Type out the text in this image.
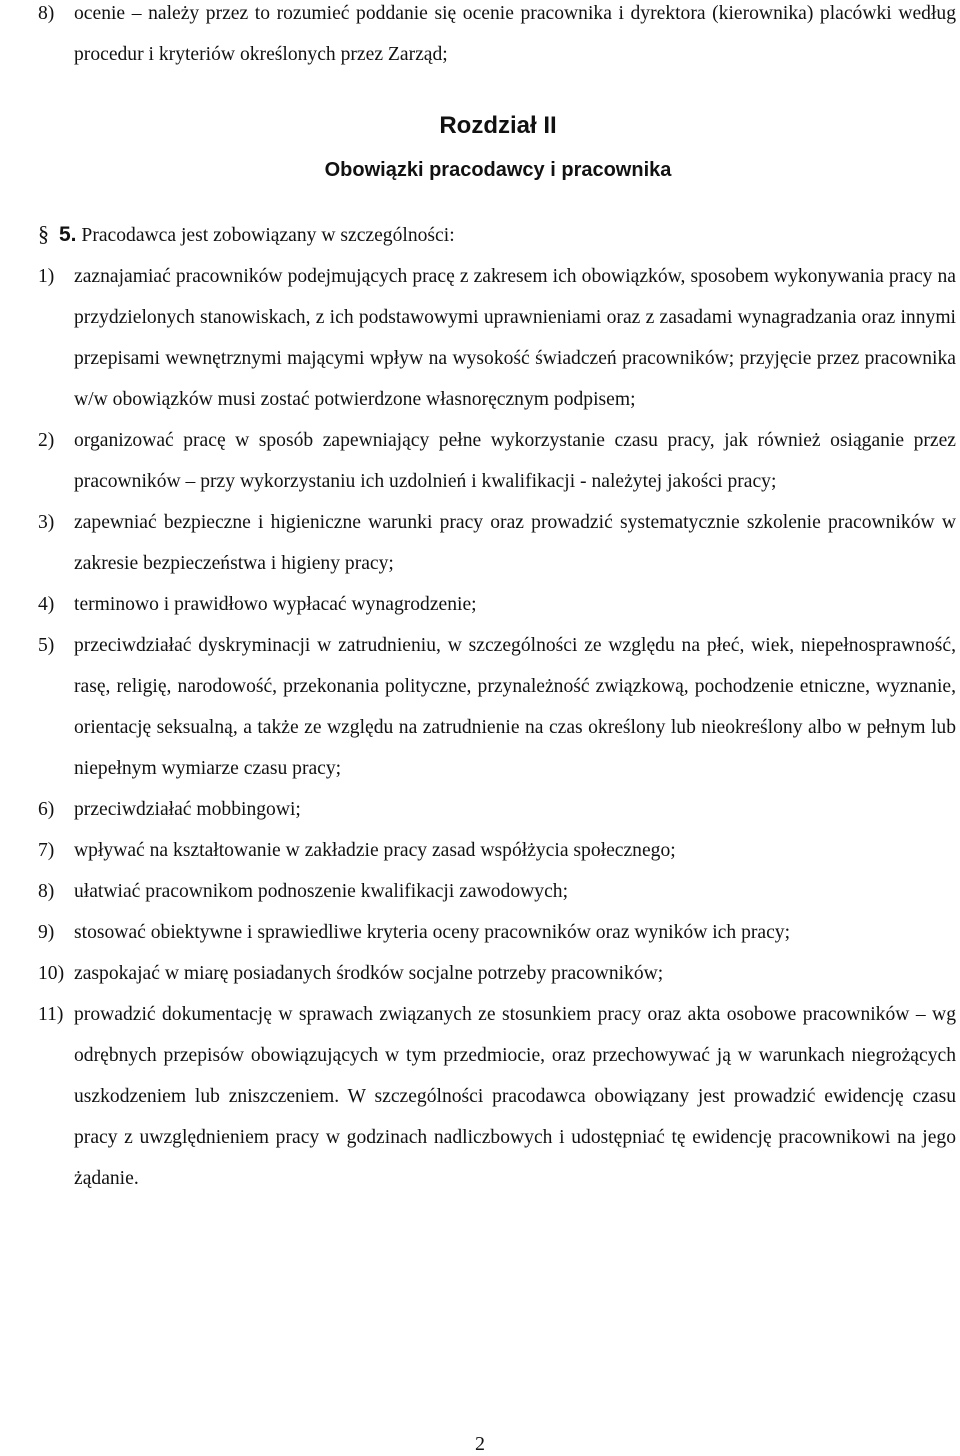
8)	ocenie – należy przez to rozumieć poddanie się ocenie pracownika i dyrektora (kierownika) placówki według procedur i kryteriów określonych przez Zarząd;
Rozdział II
Obowiązki pracodawcy i pracownika
§ 5. Pracodawca jest zobowiązany w szczególności:
1)	zaznajamiać pracowników podejmujących pracę z zakresem ich obowiązków, sposobem wykonywania pracy na przydzielonych stanowiskach, z ich podstawowymi uprawnieniami oraz z zasadami wynagradzania oraz innymi przepisami wewnętrznymi mającymi wpływ na wysokość świadczeń pracowników; przyjęcie przez pracownika w/w obowiązków musi zostać potwierdzone własnoręcznym podpisem;
2)	organizować pracę w sposób zapewniający pełne wykorzystanie czasu pracy, jak również osiąganie przez pracowników – przy wykorzystaniu ich uzdolnień i kwalifikacji - należytej jakości pracy;
3)	zapewniać bezpieczne i higieniczne warunki pracy oraz prowadzić systematycznie szkolenie pracowników w zakresie bezpieczeństwa i higieny pracy;
4)	terminowo i prawidłowo wypłacać wynagrodzenie;
5)	przeciwdziałać dyskryminacji w zatrudnieniu, w szczególności ze względu na płeć, wiek, niepełnosprawność, rasę, religię, narodowość, przekonania polityczne, przynależność związkową, pochodzenie etniczne, wyznanie, orientację seksualną, a także ze względu na zatrudnienie na czas określony lub nieokreślony albo w pełnym lub niepełnym wymiarze czasu pracy;
6)	przeciwdziałać mobbingowi;
7)	wpływać na kształtowanie w zakładzie pracy zasad współżycia społecznego;
8)	ułatwiać pracownikom podnoszenie kwalifikacji zawodowych;
9)	stosować obiektywne i sprawiedliwe kryteria oceny pracowników oraz wyników ich pracy;
10) zaspokajać w miarę posiadanych środków socjalne potrzeby pracowników;
11) prowadzić dokumentację w sprawach związanych ze stosunkiem pracy oraz akta osobowe pracowników – wg odrębnych przepisów obowiązujących w tym przedmiocie, oraz przechowywać ją w warunkach niegrożących uszkodzeniem lub zniszczeniem. W szczególności pracodawca obowiązany jest prowadzić ewidencję czasu pracy z uwzględnieniem pracy w godzinach nadliczbowych i udostępniać tę ewidencję pracownikowi na jego żądanie.
2
